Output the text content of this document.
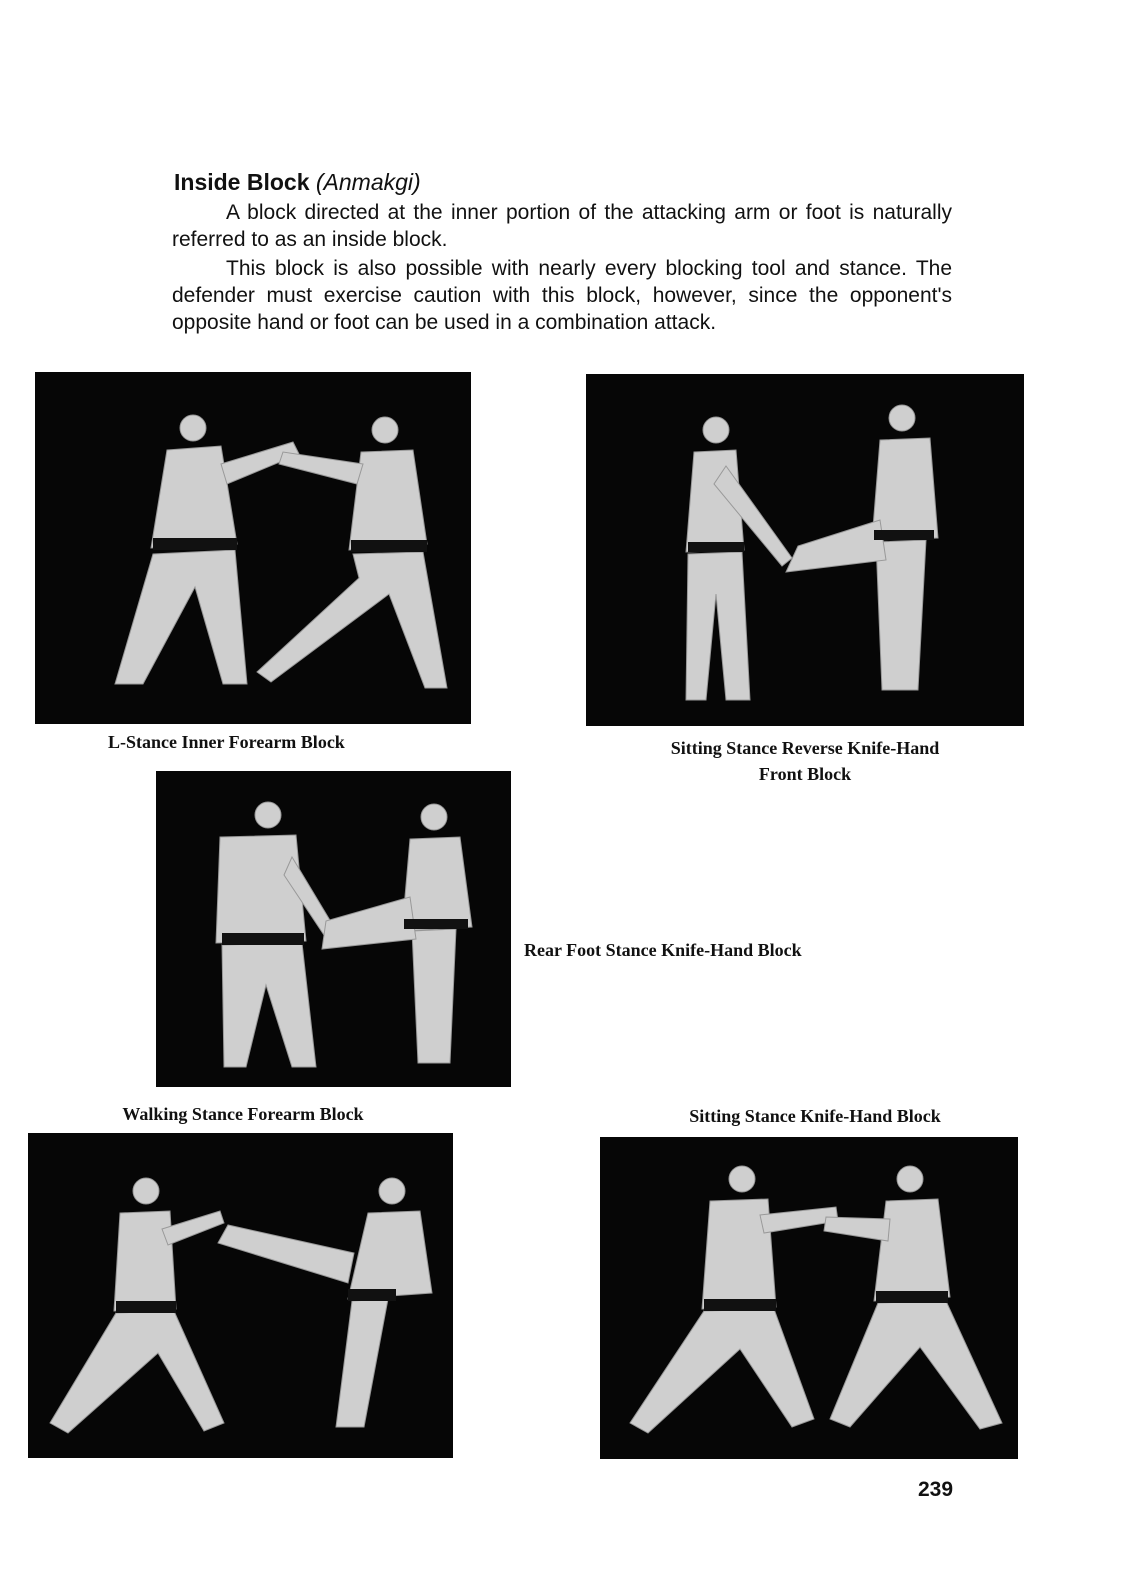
Inside Block (Anmakgi)

A block directed at the inner portion of the attacking arm or foot is naturally referred to as an inside block.

This block is also possible with nearly every blocking tool and stance. The defender must exercise caution with this block, however, since the opponent's opposite hand or foot can be used in a combination attack.

L-Stance Inner Forearm Block	Sitting Stance Reverse Knife-Hand
Front Block
Rear Foot Stance Knife-Hand Block
Walking Stance Forearm Block	Sitting Stance Knife-Hand Block
239
